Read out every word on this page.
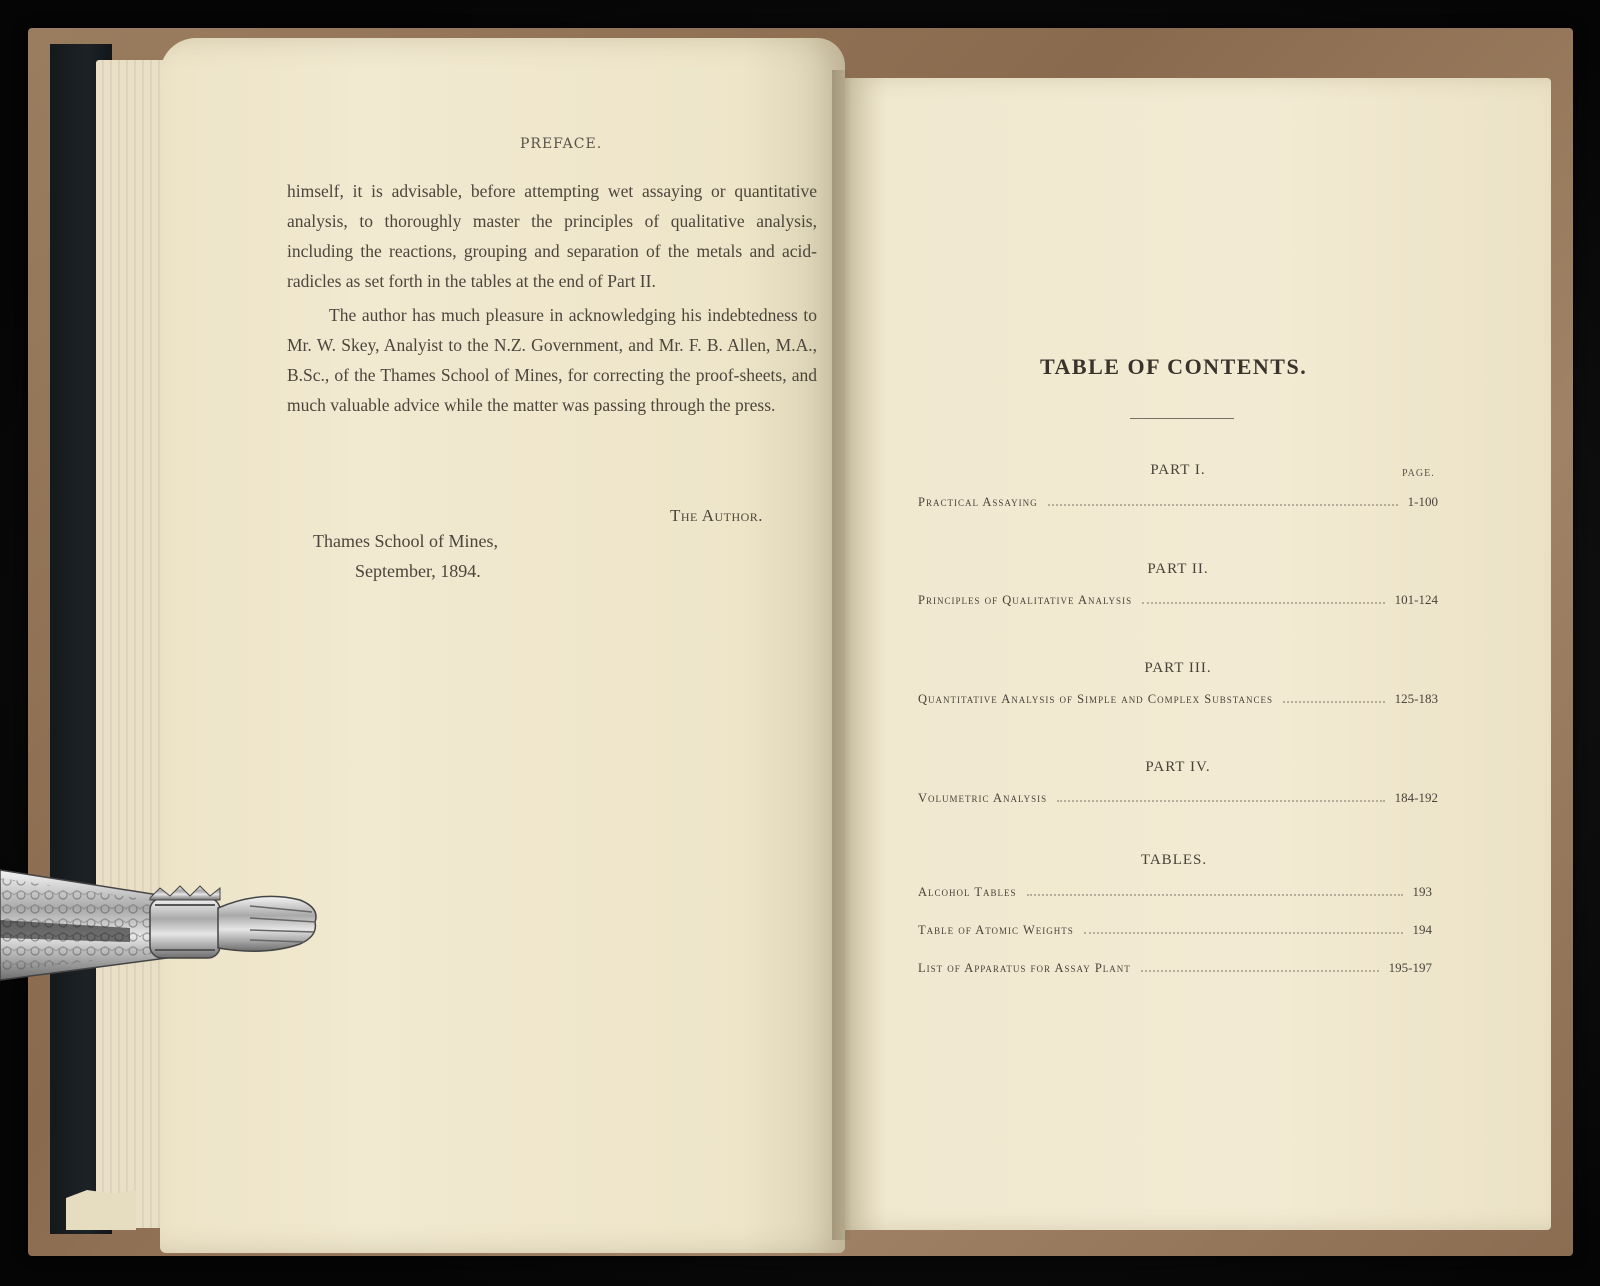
PREFACE.

himself, it is advisable, before attempting wet assaying or quantitative analysis, to thoroughly master the principles of qualitative analysis, including the reactions, grouping and separation of the metals and acid-radicles as set forth in the tables at the end of Part II.

The author has much pleasure in acknowledging his indebtedness to Mr. W. Skey, Analyist to the N.Z. Government, and Mr. F. B. Allen, M.A., B.Sc., of the Thames School of Mines, for correcting the proof-sheets, and much valuable advice while the matter was passing through the press.

The Author.
Thames School of Mines,
September, 1894.
TABLE OF CONTENTS.
PAGE.
PART I.
Practical Assaying	1-100
PART II.
Principles of Qualitative Analysis	101-124
PART III.
Quantitative Analysis of Simple and Complex Substances	125-183
PART IV.
Volumetric Analysis	184-192
TABLES.
Alcohol Tables	193
Table of Atomic Weights	194
List of Apparatus for Assay Plant	195-197
